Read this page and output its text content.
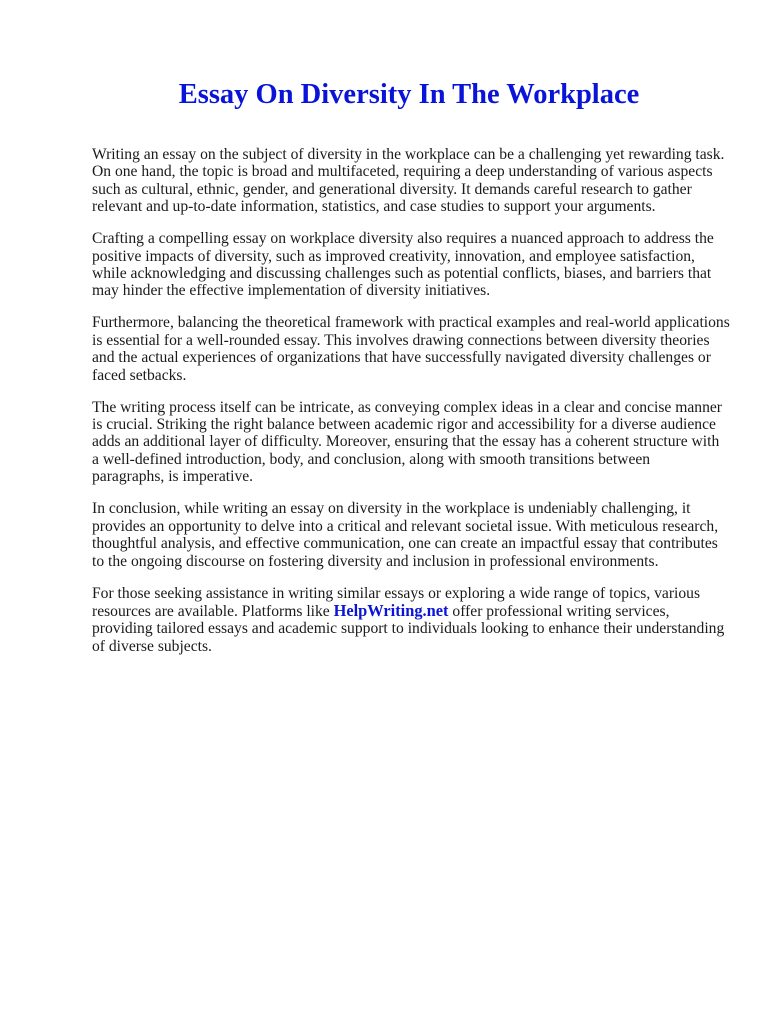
Essay On Diversity In The Workplace

Writing an essay on the subject of diversity in the workplace can be a challenging yet rewarding task.
On one hand, the topic is broad and multifaceted, requiring a deep understanding of various aspects
such as cultural, ethnic, gender, and generational diversity. It demands careful research to gather
relevant and up-to-date information, statistics, and case studies to support your arguments.

Crafting a compelling essay on workplace diversity also requires a nuanced approach to address the
positive impacts of diversity, such as improved creativity, innovation, and employee satisfaction,
while acknowledging and discussing challenges such as potential conflicts, biases, and barriers that
may hinder the effective implementation of diversity initiatives.

Furthermore, balancing the theoretical framework with practical examples and real-world applications
is essential for a well-rounded essay. This involves drawing connections between diversity theories
and the actual experiences of organizations that have successfully navigated diversity challenges or
faced setbacks.

The writing process itself can be intricate, as conveying complex ideas in a clear and concise manner
is crucial. Striking the right balance between academic rigor and accessibility for a diverse audience
adds an additional layer of difficulty. Moreover, ensuring that the essay has a coherent structure with
a well-defined introduction, body, and conclusion, along with smooth transitions between
paragraphs, is imperative.

In conclusion, while writing an essay on diversity in the workplace is undeniably challenging, it
provides an opportunity to delve into a critical and relevant societal issue. With meticulous research,
thoughtful analysis, and effective communication, one can create an impactful essay that contributes
to the ongoing discourse on fostering diversity and inclusion in professional environments.

For those seeking assistance in writing similar essays or exploring a wide range of topics, various
resources are available. Platforms like HelpWriting.net offer professional writing services,
providing tailored essays and academic support to individuals looking to enhance their understanding
of diverse subjects.
